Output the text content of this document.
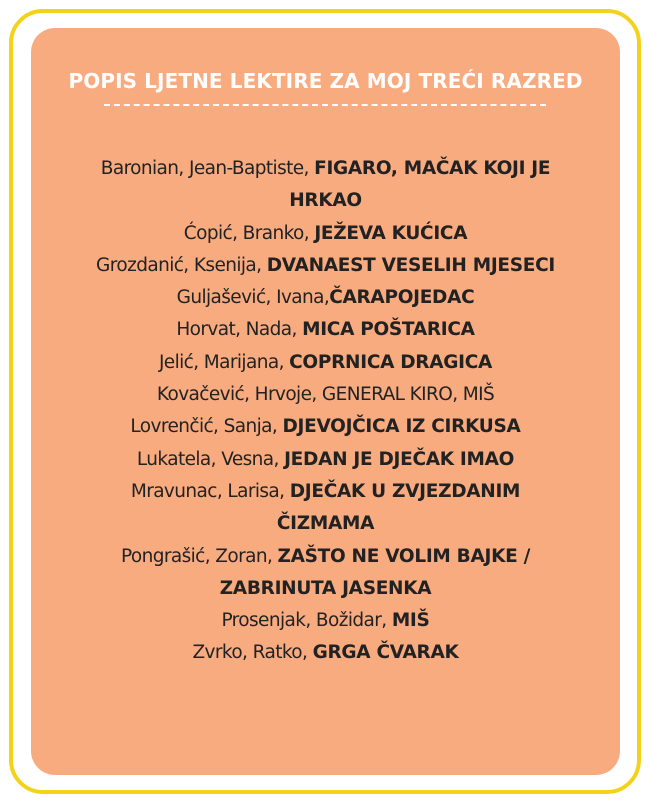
POPIS LJETNE LEKTIRE ZA MOJ TREĆI RAZRED
Baronian, Jean-Baptiste, FIGARO, MAČAK KOJI JE HRKAO
Ćopić, Branko, JEŽEVA KUĆICA
Grozdanić, Ksenija, DVANAEST VESELIH MJESECI
Guljašević, Ivana,ČARAPOJEDAC
Horvat, Nada, MICA POŠTARICA
Jelić, Marijana, COPRNICA DRAGICA
Kovačević, Hrvoje, GENERAL KIRO, MIŠ
Lovrenčić, Sanja, DJEVOJČICA IZ CIRKUSA
Lukatela, Vesna, JEDAN JE DJEČAK IMAO
Mravunac, Larisa, DJEČAK U ZVJEZDANIM ČIZMAMA
Pongrašić, Zoran, ZAŠTO NE VOLIM BAJKE / ZABRINUTA JASENKA
Prosenjak, Božidar, MIŠ
Zvrko, Ratko, GRGA ČVARAK
